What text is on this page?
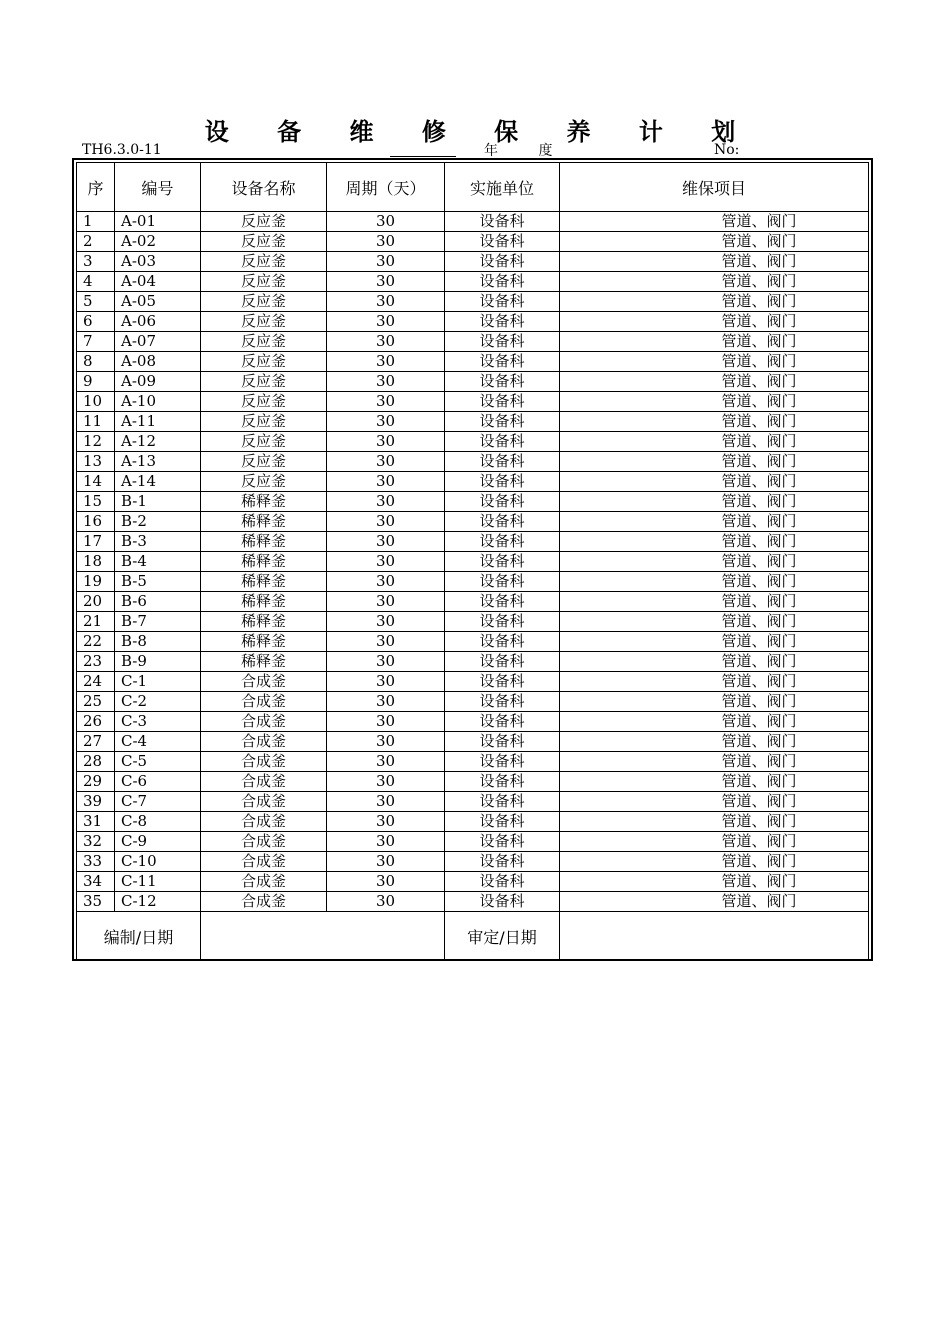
设 备 维 修 保 养 计 划
TH6.3.0-11	年 度	No:
序	编号	设备名称	周期（天）	实施单位	维保项目
1	A-01	反应釜	30	设备科	管道、阀门
2	A-02	反应釜	30	设备科	管道、阀门
3	A-03	反应釜	30	设备科	管道、阀门
4	A-04	反应釜	30	设备科	管道、阀门
5	A-05	反应釜	30	设备科	管道、阀门
6	A-06	反应釜	30	设备科	管道、阀门
7	A-07	反应釜	30	设备科	管道、阀门
8	A-08	反应釜	30	设备科	管道、阀门
9	A-09	反应釜	30	设备科	管道、阀门
10	A-10	反应釜	30	设备科	管道、阀门
11	A-11	反应釜	30	设备科	管道、阀门
12	A-12	反应釜	30	设备科	管道、阀门
13	A-13	反应釜	30	设备科	管道、阀门
14	A-14	反应釜	30	设备科	管道、阀门
15	B-1	稀释釜	30	设备科	管道、阀门
16	B-2	稀释釜	30	设备科	管道、阀门
17	B-3	稀释釜	30	设备科	管道、阀门
18	B-4	稀释釜	30	设备科	管道、阀门
19	B-5	稀释釜	30	设备科	管道、阀门
20	B-6	稀释釜	30	设备科	管道、阀门
21	B-7	稀释釜	30	设备科	管道、阀门
22	B-8	稀释釜	30	设备科	管道、阀门
23	B-9	稀释釜	30	设备科	管道、阀门
24	C-1	合成釜	30	设备科	管道、阀门
25	C-2	合成釜	30	设备科	管道、阀门
26	C-3	合成釜	30	设备科	管道、阀门
27	C-4	合成釜	30	设备科	管道、阀门
28	C-5	合成釜	30	设备科	管道、阀门
29	C-6	合成釜	30	设备科	管道、阀门
39	C-7	合成釜	30	设备科	管道、阀门
31	C-8	合成釜	30	设备科	管道、阀门
32	C-9	合成釜	30	设备科	管道、阀门
33	C-10	合成釜	30	设备科	管道、阀门
34	C-11	合成釜	30	设备科	管道、阀门
35	C-12	合成釜	30	设备科	管道、阀门
编制/日期				审定/日期	
